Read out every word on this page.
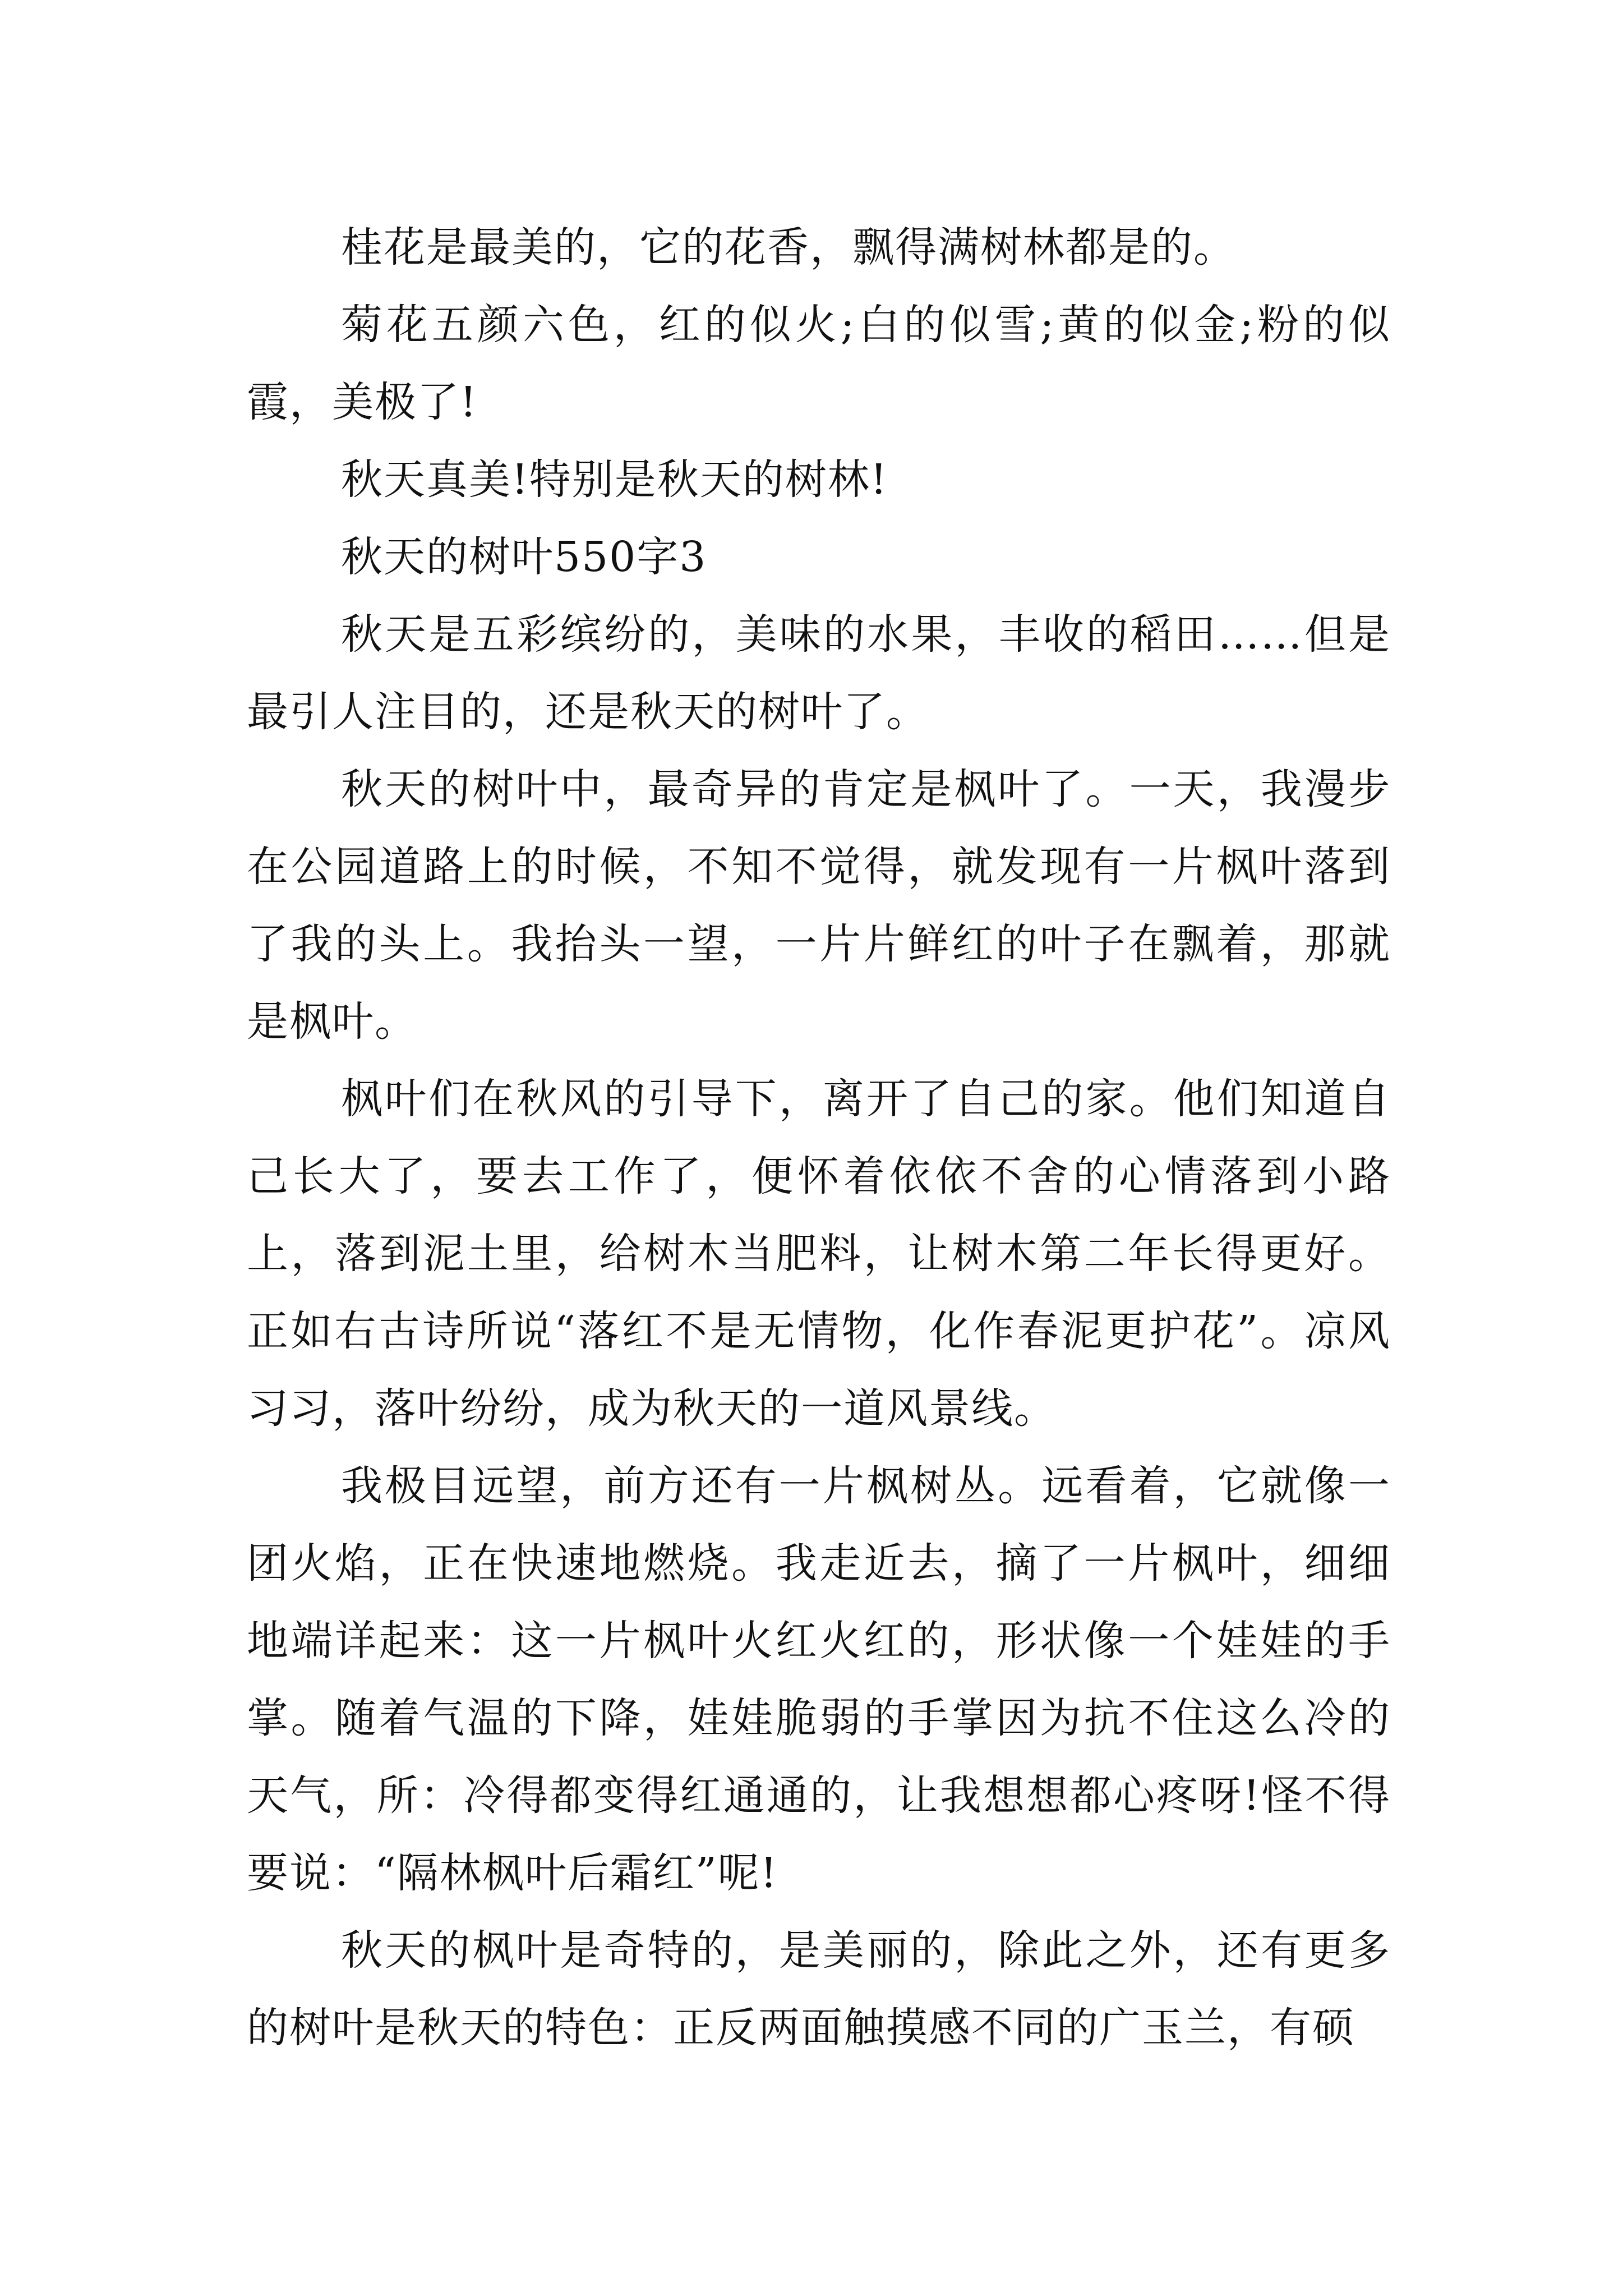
桂花是最美的，它的花香，飘得满树林都是的。

菊花五颜六色，红的似火;白的似雪;黄的似金;粉的似霞，美极了!

秋天真美!特别是秋天的树林!

秋天的树叶550字3

秋天是五彩缤纷的，美味的水果，丰收的稻田……但是最引人注目的，还是秋天的树叶了。

秋天的树叶中，最奇异的肯定是枫叶了。一天，我漫步在公园道路上的时候，不知不觉得，就发现有一片枫叶落到了我的头上。我抬头一望，一片片鲜红的叶子在飘着，那就是枫叶。

枫叶们在秋风的引导下，离开了自己的家。他们知道自己长大了，要去工作了，便怀着依依不舍的心情落到小路上，落到泥土里，给树木当肥料，让树木第二年长得更好。正如右古诗所说“落红不是无情物，化作春泥更护花”。凉风习习，落叶纷纷，成为秋天的一道风景线。

我极目远望，前方还有一片枫树丛。远看着，它就像一团火焰，正在快速地燃烧。我走近去，摘了一片枫叶，细细地端详起来：这一片枫叶火红火红的，形状像一个娃娃的手掌。随着气温的下降，娃娃脆弱的手掌因为抗不住这么冷的天气，所：冷得都变得红通通的，让我想想都心疼呀!怪不得要说：“隔林枫叶后霜红”呢!

秋天的枫叶是奇特的，是美丽的，除此之外，还有更多的树叶是秋天的特色：正反两面触摸感不同的广玉兰，有硕
